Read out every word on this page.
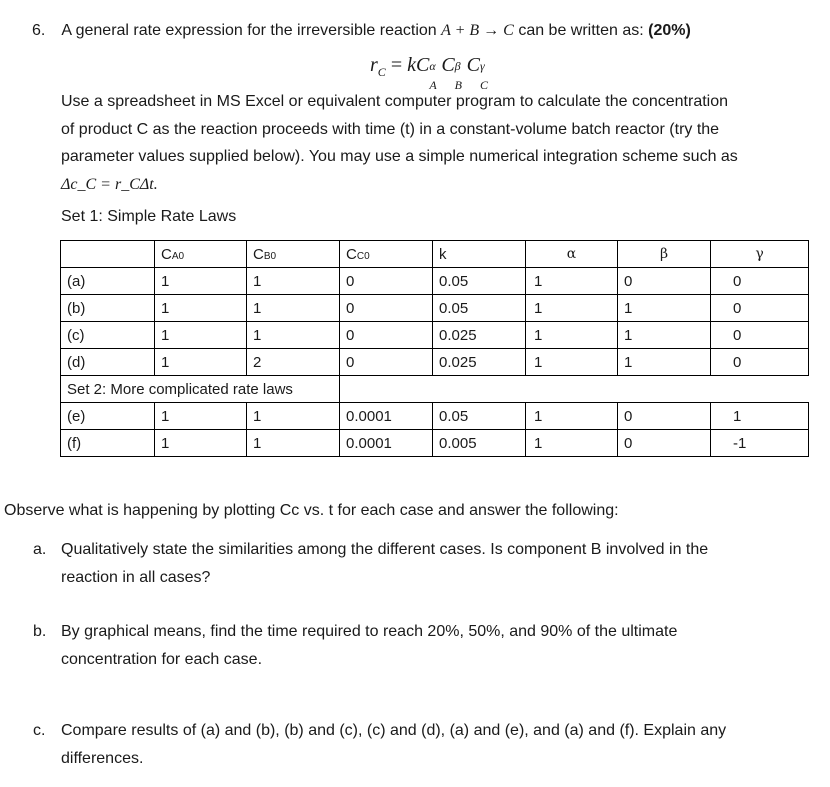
6. A general rate expression for the irreversible reaction A + B → C can be written as: (20%)
$r_C$ = kC α
A
C β
B
C γ
C
Use a spreadsheet in MS Excel or equivalent computer program to calculate the concentration
of product C as the reaction proceeds with time (t) in a constant-volume batch reactor (try the
parameter values supplied below). You may use a simple numerical integration scheme such as
Δc_C = r_CΔt.
Set 1: Simple Rate Laws
	CA0	CB0	CC0	k	α	β	γ
(a)	1	1	0	0.05	1	0	0
(b)	1	1	0	0.05	1	1	0
(c)	1	1	0	0.025	1	1	0
(d)	1	2	0	0.025	1	1	0
Set 2: More complicated rate laws							
(e)	1	1	0.0001	0.05	1	0	1
(f)	1	1	0.0001	0.005	1	0	-1
Observe what is happening by plotting Cc vs. t for each case and answer the following:
a. Qualitatively state the similarities among the different cases. Is component B involved in the
reaction in all cases?
b. By graphical means, find the time required to reach 20%, 50%, and 90% of the ultimate
concentration for each case.
c. Compare results of (a) and (b), (b) and (c), (c) and (d), (a) and (e), and (a) and (f). Explain any
differences.
